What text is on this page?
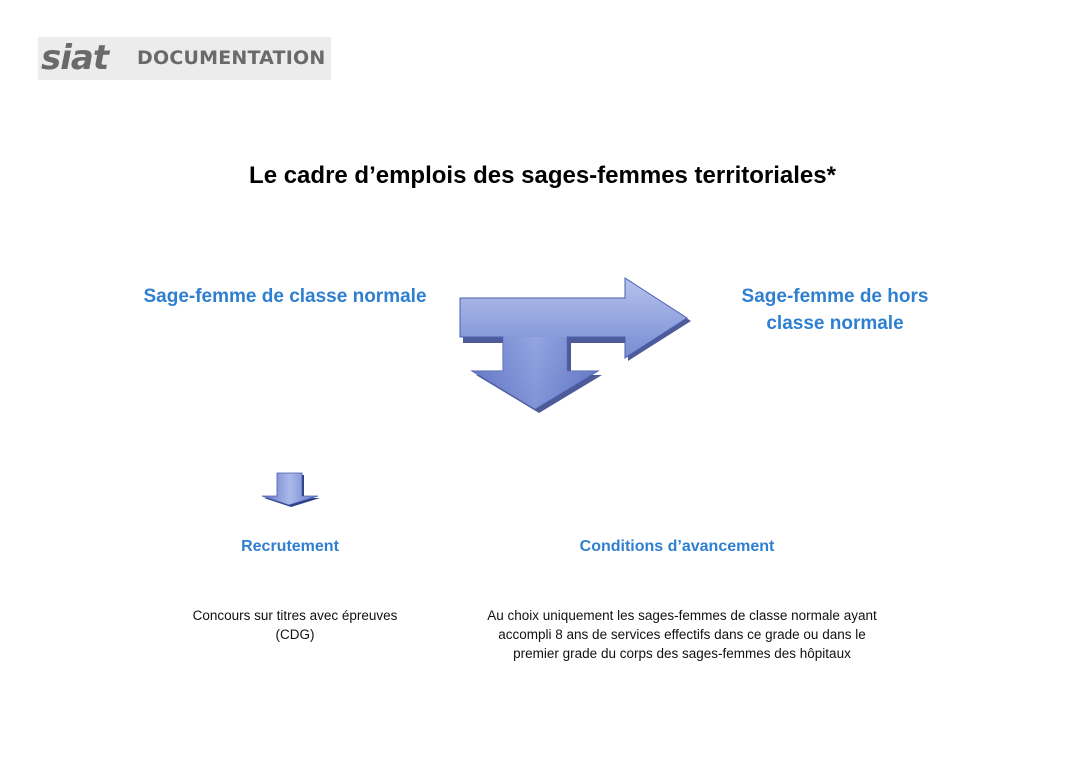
siat DOCUMENTATION
Le cadre d’emplois des sages-femmes territoriales*
Sage-femme de classe normale	Sage-femme de hors
classe normale
Recrutement	Conditions d’avancement
Concours sur titres avec épreuves
(CDG)
Au choix uniquement les sages-femmes de classe normale ayant
accompli 8 ans de services effectifs dans ce grade ou dans le
premier grade du corps des sages-femmes des hôpitaux
